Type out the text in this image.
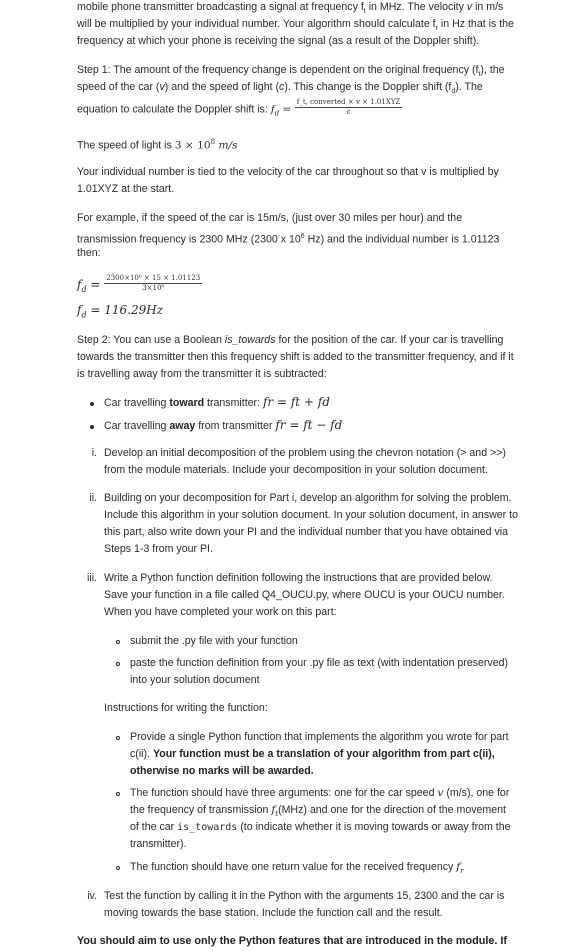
mobile phone transmitter broadcasting a signal at frequency $f_t$ in MHz. The velocity v in m/s

will be multiplied by your individual number. Your algorithm should calculate $f_r$ in Hz that is the

frequency at which your phone is receiving the signal (as a result of the Doppler shift).

Step 1: The amount of the frequency change is dependent on the original frequency $(f_t)$, the

speed of the car (v) and the speed of light (c). This change is the Doppler shift $(f_d)$. The

equation to calculate the Doppler shift is: $f_d = \frac{\text{f\_t, converted × v × 1.01XYZ}}{c}$

The speed of light is $3 \times 10^8$ m/s

Your individual number is tied to the velocity of the car throughout so that v is multiplied by

1.01XYZ at the start.

For example, if the speed of the car is 15m/s, (just over 30 miles per hour) and the

transmission frequency is 2300 MHz (2300 x $10^6$ Hz) and the individual number is 1.01123

then:

$f_d = \frac{\text{2300×10⁶ × 15 × 1.01123}}{\text{3×10⁸}}$

$f_d = 116.29Hz$

Step 2: You can use a Boolean is_towards for the position of the car. If your car is travelling

towards the transmitter then this frequency shift is added to the transmitter frequency, and if it

is travelling away from the transmitter it is subtracted:

Car travelling toward transmitter: fr = ft + fd

Car travelling away from transmitter fr = ft − fd

i. Develop an initial decomposition of the problem using the chevron notation (> and >>)

from the module materials. Include your decomposition in your solution document.

ii. Building on your decomposition for Part i, develop an algorithm for solving the problem.

Include this algorithm in your solution document. In your solution document, in answer to

this part, also write down your PI and the individual number that you have obtained via

Steps 1-3 from your PI.

iii. Write a Python function definition following the instructions that are provided below.

Save your function in a file called Q4_OUCU.py, where OUCU is your OUCU number.

When you have completed your work on this part:

submit the .py file with your function

paste the function definition from your .py file as text (with indentation preserved)

into your solution document

Instructions for writing the function:

Provide a single Python function that implements the algorithm you wrote for part

c(ii). Your function must be a translation of your algorithm from part c(ii),

otherwise no marks will be awarded.

The function should have three arguments: one for the car speed v (m/s), one for

the frequency of transmission $f_t(MHz)$ and one for the direction of the movement

of the car is_towards (to indicate whether it is moving towards or away from the

transmitter).

The function should have one return value for the received frequency $f_r$

iv. Test the function by calling it in the Python with the arguments 15, 2300 and the car is

moving towards the base station. Include the function call and the result.

You should aim to use only the Python features that are introduced in the module. If
